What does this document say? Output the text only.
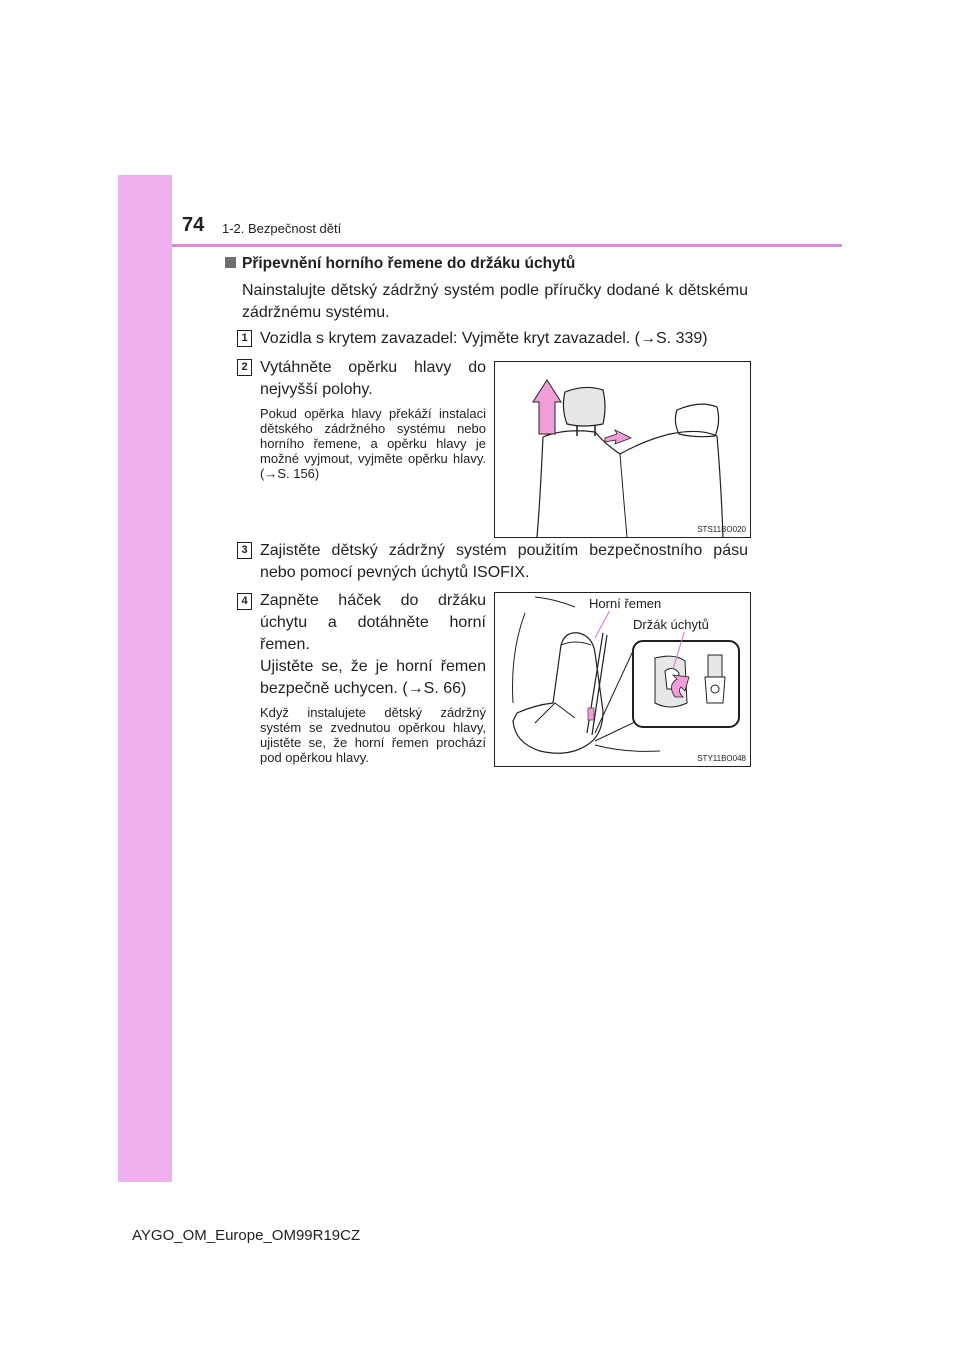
74 1-2. Bezpečnost dětí
Připevnění horního řemene do držáku úchytů
Nainstalujte dětský zádržný systém podle příručky dodané k dětskému zádržnému systému.
1 Vozidla s krytem zavazadel: Vyjměte kryt zavazadel. (→S. 339)
2 Vytáhněte opěrku hlavy do nejvyšší polohy.
Pokud opěrka hlavy překáží instalaci dětského zádržného systému nebo horního řemene, a opěrku hlavy je možné vyjmout, vyjměte opěrku hlavy. (→S. 156)
STS11BO020
3 Zajistěte dětský zádržný systém použitím bezpečnostního pásu nebo pomocí pevných úchytů ISOFIX.
4 Zapněte háček do držáku úchytu a dotáhněte horní řemen.
Ujistěte se, že je horní řemen bezpečně uchycen. (→S. 66)
Když instalujete dětský zádržný systém se zvednutou opěrkou hlavy, ujistěte se, že horní řemen prochází pod opěrkou hlavy.
Horní řemen
Držák úchytů
STY11BO048
AYGO_OM_Europe_OM99R19CZ
